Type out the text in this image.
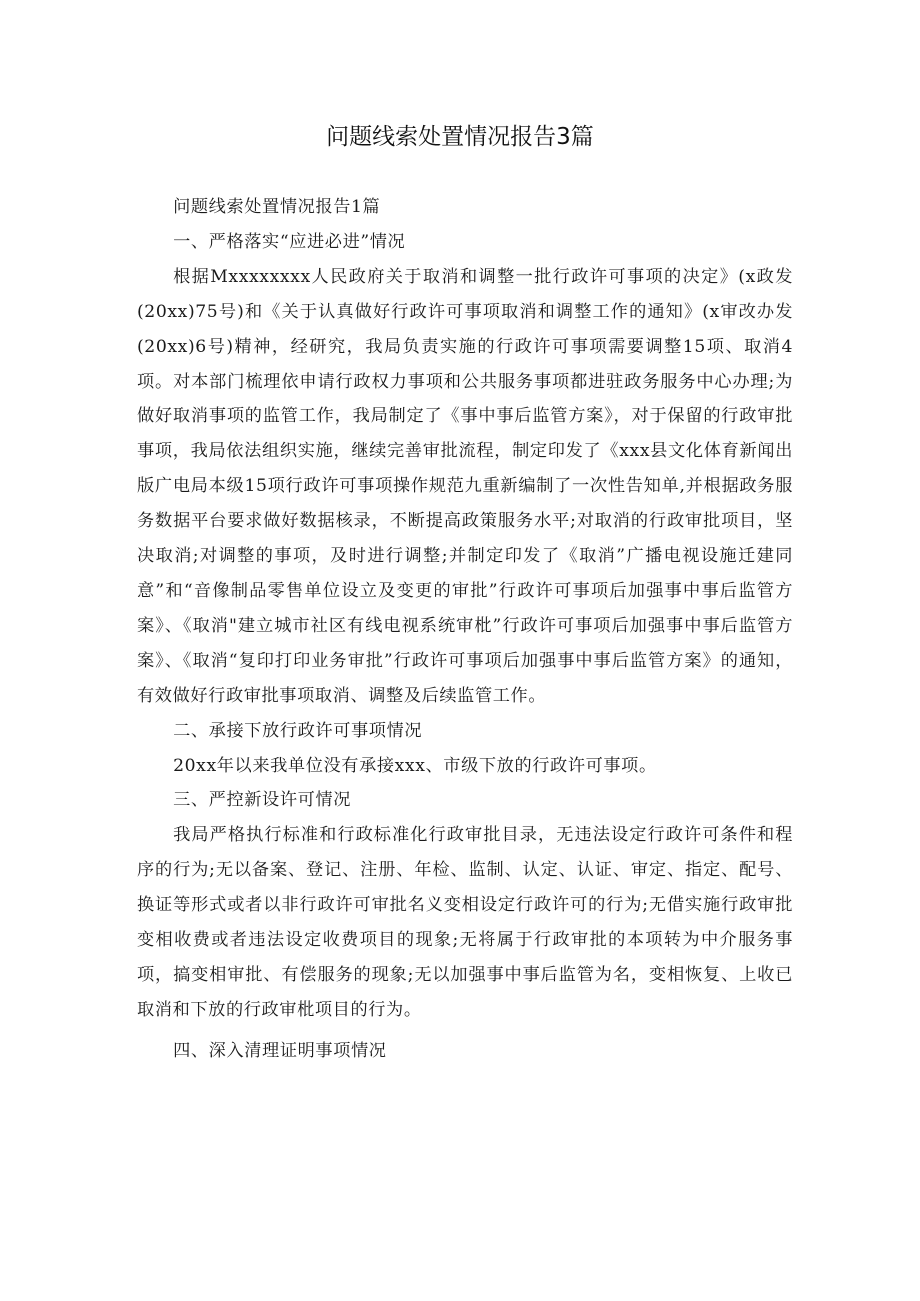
问题线索处置情况报告3篇

问题线索处置情况报告1篇

一、严格落实“应进必进”情况

根据Mxxxxxxxx人民政府关于取消和调整一批行政许可事项的决定》(x政发(20xx)75号)和《关于认真做好行政许可事项取消和调整工作的通知》(x审改办发(20xx)6号)精神，经研究，我局负责实施的行政许可事项需要调整15项、取消4项。对本部门梳理依申请行政权力事项和公共服务事项都进驻政务服务中心办理;为做好取消事项的监管工作，我局制定了《事中事后监管方案》，对于保留的行政审批事项，我局依法组织实施，继续完善审批流程，制定印发了《xxx县文化体育新闻出版广电局本级15项行政许可事项操作规范九重新编制了一次性告知单,并根据政务服务数据平台要求做好数据核录，不断提高政策服务水平;对取消的行政审批项目，坚决取消;对调整的事项，及时进行调整;并制定印发了《取消”广播电视设施迁建同意”和“音像制品零售单位设立及变更的审批”行政许可事项后加强事中事后监管方案》、《取消"建立城市社区有线电视系统审枇”行政许可事项后加强事中事后监管方案》、《取消“复印打印业务审批”行政许可事项后加强事中事后监管方案》的通知，有效做好行政审批事项取消、调整及后续监管工作。

二、承接下放行政许可事项情况

20xx年以来我单位没有承接xxx、市级下放的行政许可事项。

三、严控新设许可情况

我局严格执行标准和行政标准化行政审批目录，无违法设定行政许可条件和程序的行为;无以备案、登记、注册、年检、监制、认定、认证、审定、指定、配号、换证等形式或者以非行政许可审批名义变相设定行政许可的行为;无借实施行政审批变相收费或者违法设定收费项目的现象;无将属于行政审批的本项转为中介服务事项，搞变相审批、有偿服务的现象;无以加强事中事后监管为名，变相恢复、上收已取消和下放的行政审枇项目的行为。

四、深入清理证明事项情况
